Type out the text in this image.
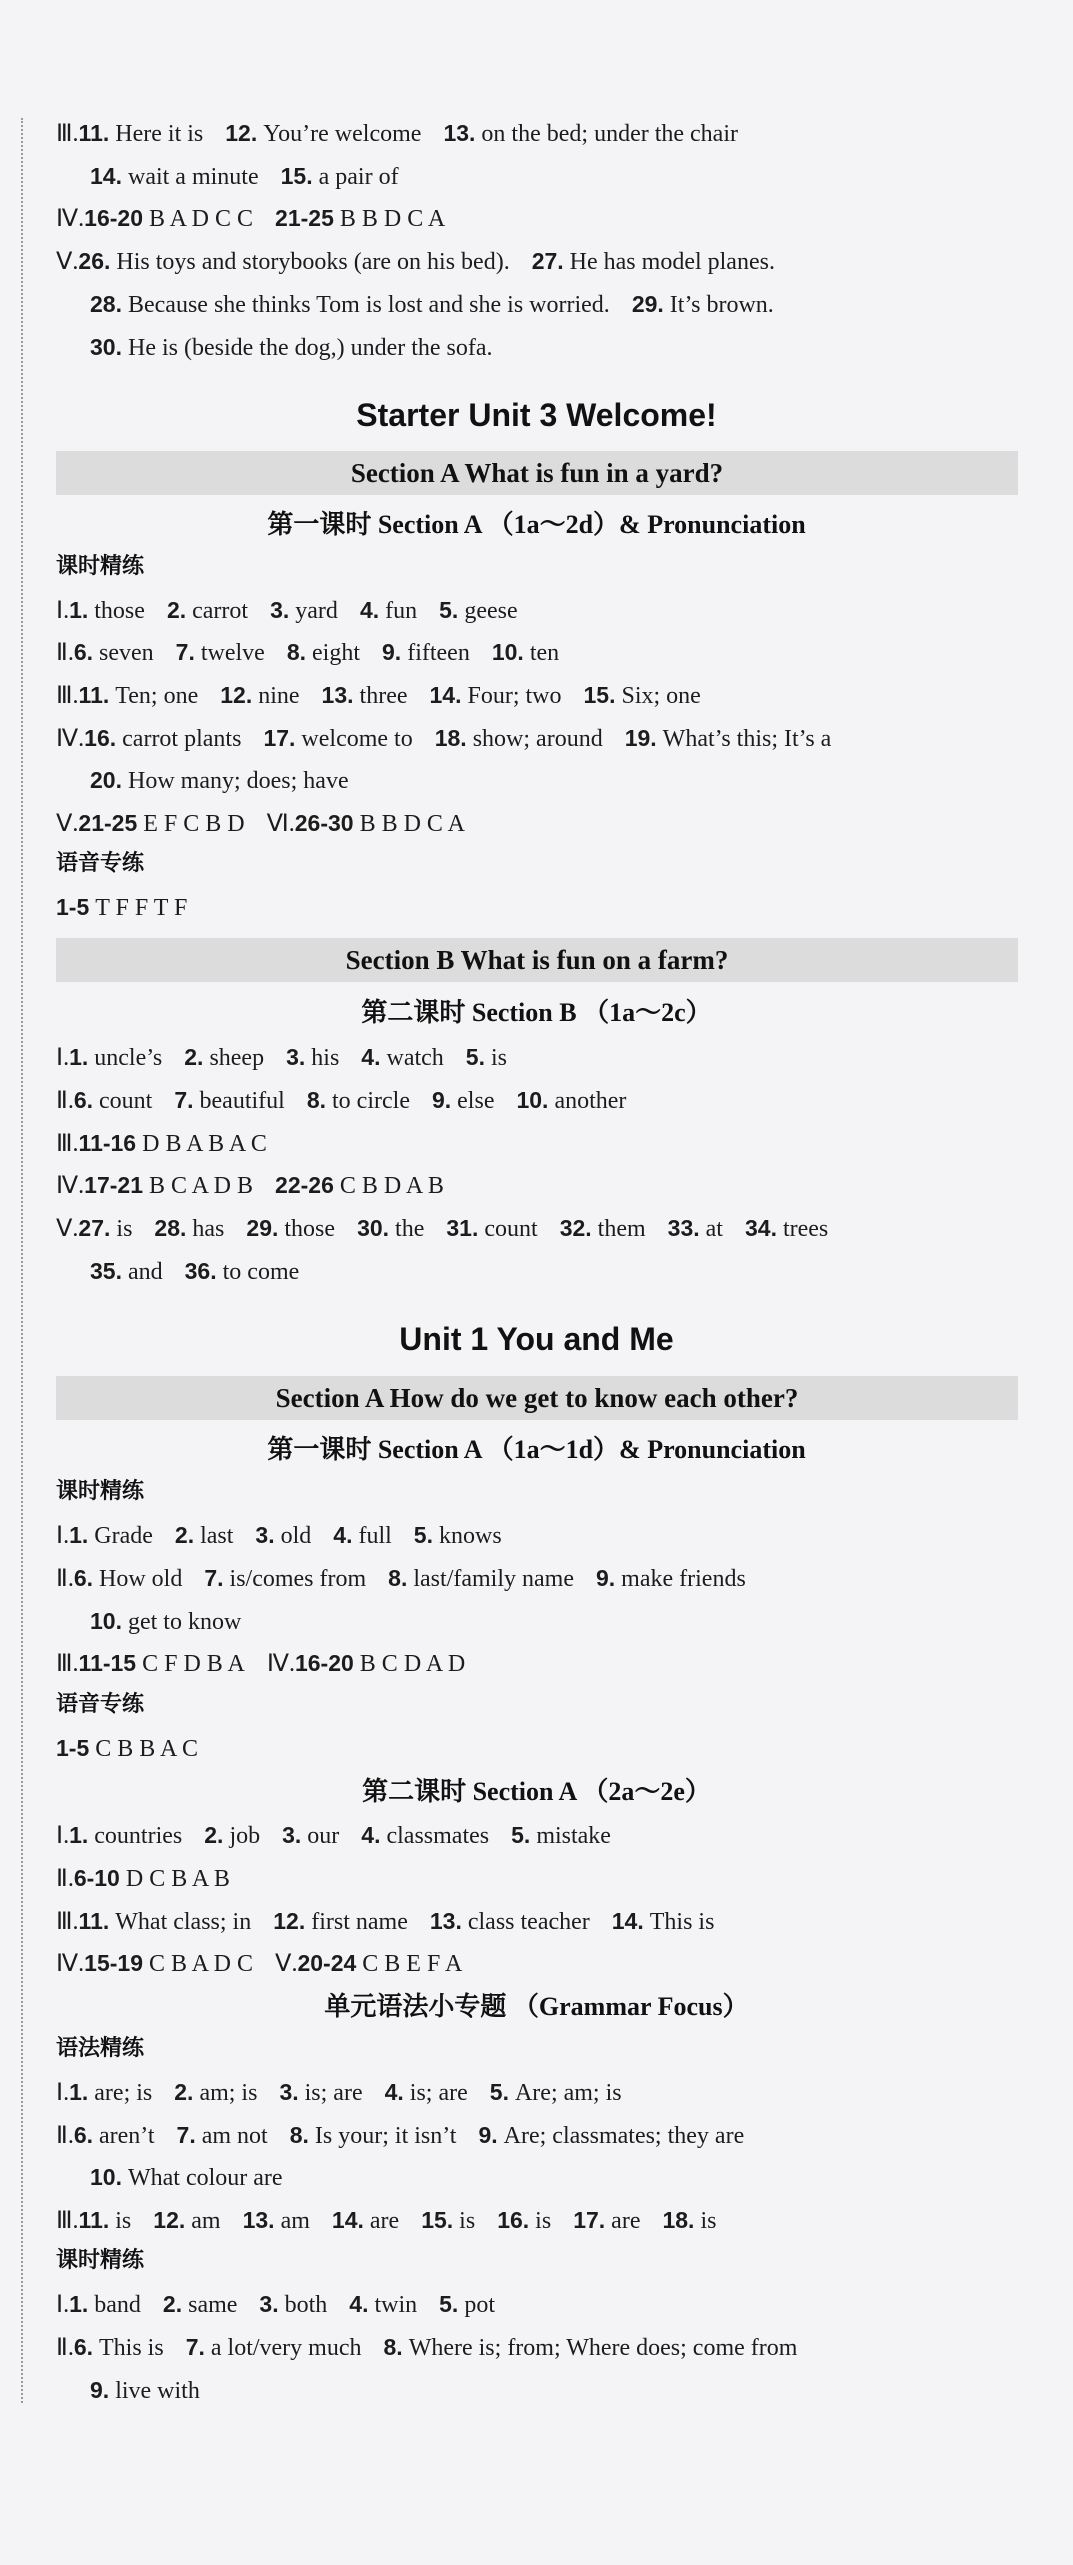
Ⅲ.11. Here it is 12. You’re welcome 13. on the bed; under the chair
14. wait a minute 15. a pair of
Ⅳ.16-20 B A D C C 21-25 B B D C A
Ⅴ.26. His toys and storybooks (are on his bed). 27. He has model planes.
28. Because she thinks Tom is lost and she is worried. 29. It’s brown.
30. He is (beside the dog,) under the sofa.
Starter Unit 3 Welcome!
Section A What is fun in a yard?
第一课时 Section A （1a～2d）& Pronunciation
课时精练
Ⅰ.1. those 2. carrot 3. yard 4. fun 5. geese
Ⅱ.6. seven 7. twelve 8. eight 9. fifteen 10. ten
Ⅲ.11. Ten; one 12. nine 13. three 14. Four; two 15. Six; one
Ⅳ.16. carrot plants 17. welcome to 18. show; around 19. What’s this; It’s a
20. How many; does; have
Ⅴ.21-25 E F C B D Ⅵ.26-30 B B D C A
语音专练
1-5 T F F T F
Section B What is fun on a farm?
第二课时 Section B （1a～2c）
Ⅰ.1. uncle’s 2. sheep 3. his 4. watch 5. is
Ⅱ.6. count 7. beautiful 8. to circle 9. else 10. another
Ⅲ.11-16 D B A B A C
Ⅳ.17-21 B C A D B 22-26 C B D A B
Ⅴ.27. is 28. has 29. those 30. the 31. count 32. them 33. at 34. trees
35. and 36. to come
Unit 1 You and Me
Section A How do we get to know each other?
第一课时 Section A （1a～1d）& Pronunciation
课时精练
Ⅰ.1. Grade 2. last 3. old 4. full 5. knows
Ⅱ.6. How old 7. is/comes from 8. last/family name 9. make friends
10. get to know
Ⅲ.11-15 C F D B A Ⅳ.16-20 B C D A D
语音专练
1-5 C B B A C
第二课时 Section A （2a～2e）
Ⅰ.1. countries 2. job 3. our 4. classmates 5. mistake
Ⅱ.6-10 D C B A B
Ⅲ.11. What class; in 12. first name 13. class teacher 14. This is
Ⅳ.15-19 C B A D C Ⅴ.20-24 C B E F A
单元语法小专题 （Grammar Focus）
语法精练
Ⅰ.1. are; is 2. am; is 3. is; are 4. is; are 5. Are; am; is
Ⅱ.6. aren’t 7. am not 8. Is your; it isn’t 9. Are; classmates; they are
10. What colour are
Ⅲ.11. is 12. am 13. am 14. are 15. is 16. is 17. are 18. is
课时精练
Ⅰ.1. band 2. same 3. both 4. twin 5. pot
Ⅱ.6. This is 7. a lot/very much 8. Where is; from; Where does; come from
9. live with
